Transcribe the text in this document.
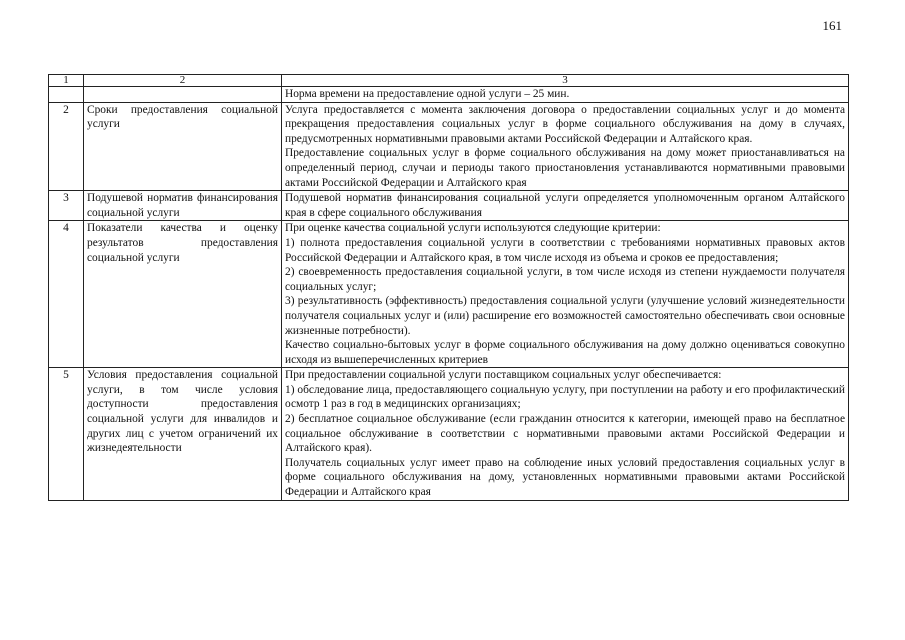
161
1	2	3

		Норма времени на предоставление одной услуги – 25 мин.

2	Сроки предоставления социальной услуги	Услуга предоставляется с момента заключения договора о предоставлении социальных услуг и до момента прекращения предоставления социальных услуг в форме социального обслуживания на дому в случаях, предусмотренных нормативными правовыми актами Российской Федерации и Алтайского края.

Предоставление социальных услуг в форме социального обслуживания на дому может приостанавливаться на определенный период, случаи и периоды такого приостановления устанавливаются нормативными правовыми актами Российской Федерации и Алтайского края

3	Подушевой норматив финансирования социальной услуги	Подушевой норматив финансирования социальной услуги определяется уполномоченным органом Алтайского края в сфере социального обслуживания

4	Показатели качества и оценку результатов предоставления социальной услуги	При оценке качества социальной услуги используются следующие критерии:

1) полнота предоставления социальной услуги в соответствии с требованиями нормативных правовых актов Российской Федерации и Алтайского края, в том числе исходя из объема и сроков ее предоставления;

2) своевременность предоставления социальной услуги, в том числе исходя из степени нуждаемости получателя социальных услуг;

3) результативность (эффективность) предоставления социальной услуги (улучшение условий жизнедеятельности получателя социальных услуг и (или) расширение его возможностей самостоятельно обеспечивать свои основные жизненные потребности).

Качество социально-бытовых услуг в форме социального обслуживания на дому должно оцениваться совокупно исходя из вышеперечисленных критериев

5	Условия предоставления социальной услуги, в том числе условия доступности предоставления социальной услуги для инвалидов и других лиц с учетом ограничений их жизнедеятельности	При предоставлении социальной услуги поставщиком социальных услуг обеспечивается:

1) обследование лица, предоставляющего социальную услугу, при поступлении на работу и его профилактический осмотр 1 раз в год в медицинских организациях;

2) бесплатное социальное обслуживание (если гражданин относится к категории, имеющей право на бесплатное социальное обслуживание в соответствии с нормативными правовыми актами Российской Федерации и Алтайского края).

Получатель социальных услуг имеет право на соблюдение иных условий предоставления социальных услуг в форме социального обслуживания на дому, установленных нормативными правовыми актами Российской Федерации и Алтайского края
